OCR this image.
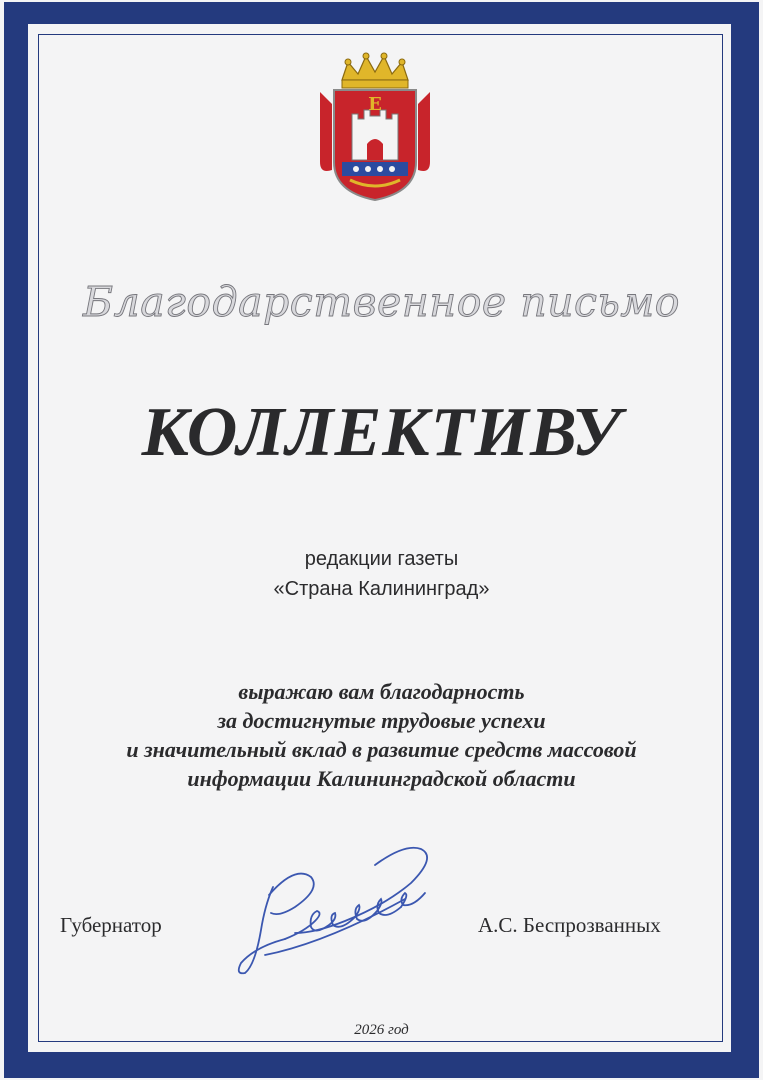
E
Благодарственное письмо
КОЛЛЕКТИВУ
редакции газеты
«Страна Калининград»
выражаю вам благодарность
за достигнутые трудовые успехи
и значительный вклад в развитие средств массовой
информации Калининградской области
Губернатор	А.С. Беспрозванных
2026 год
